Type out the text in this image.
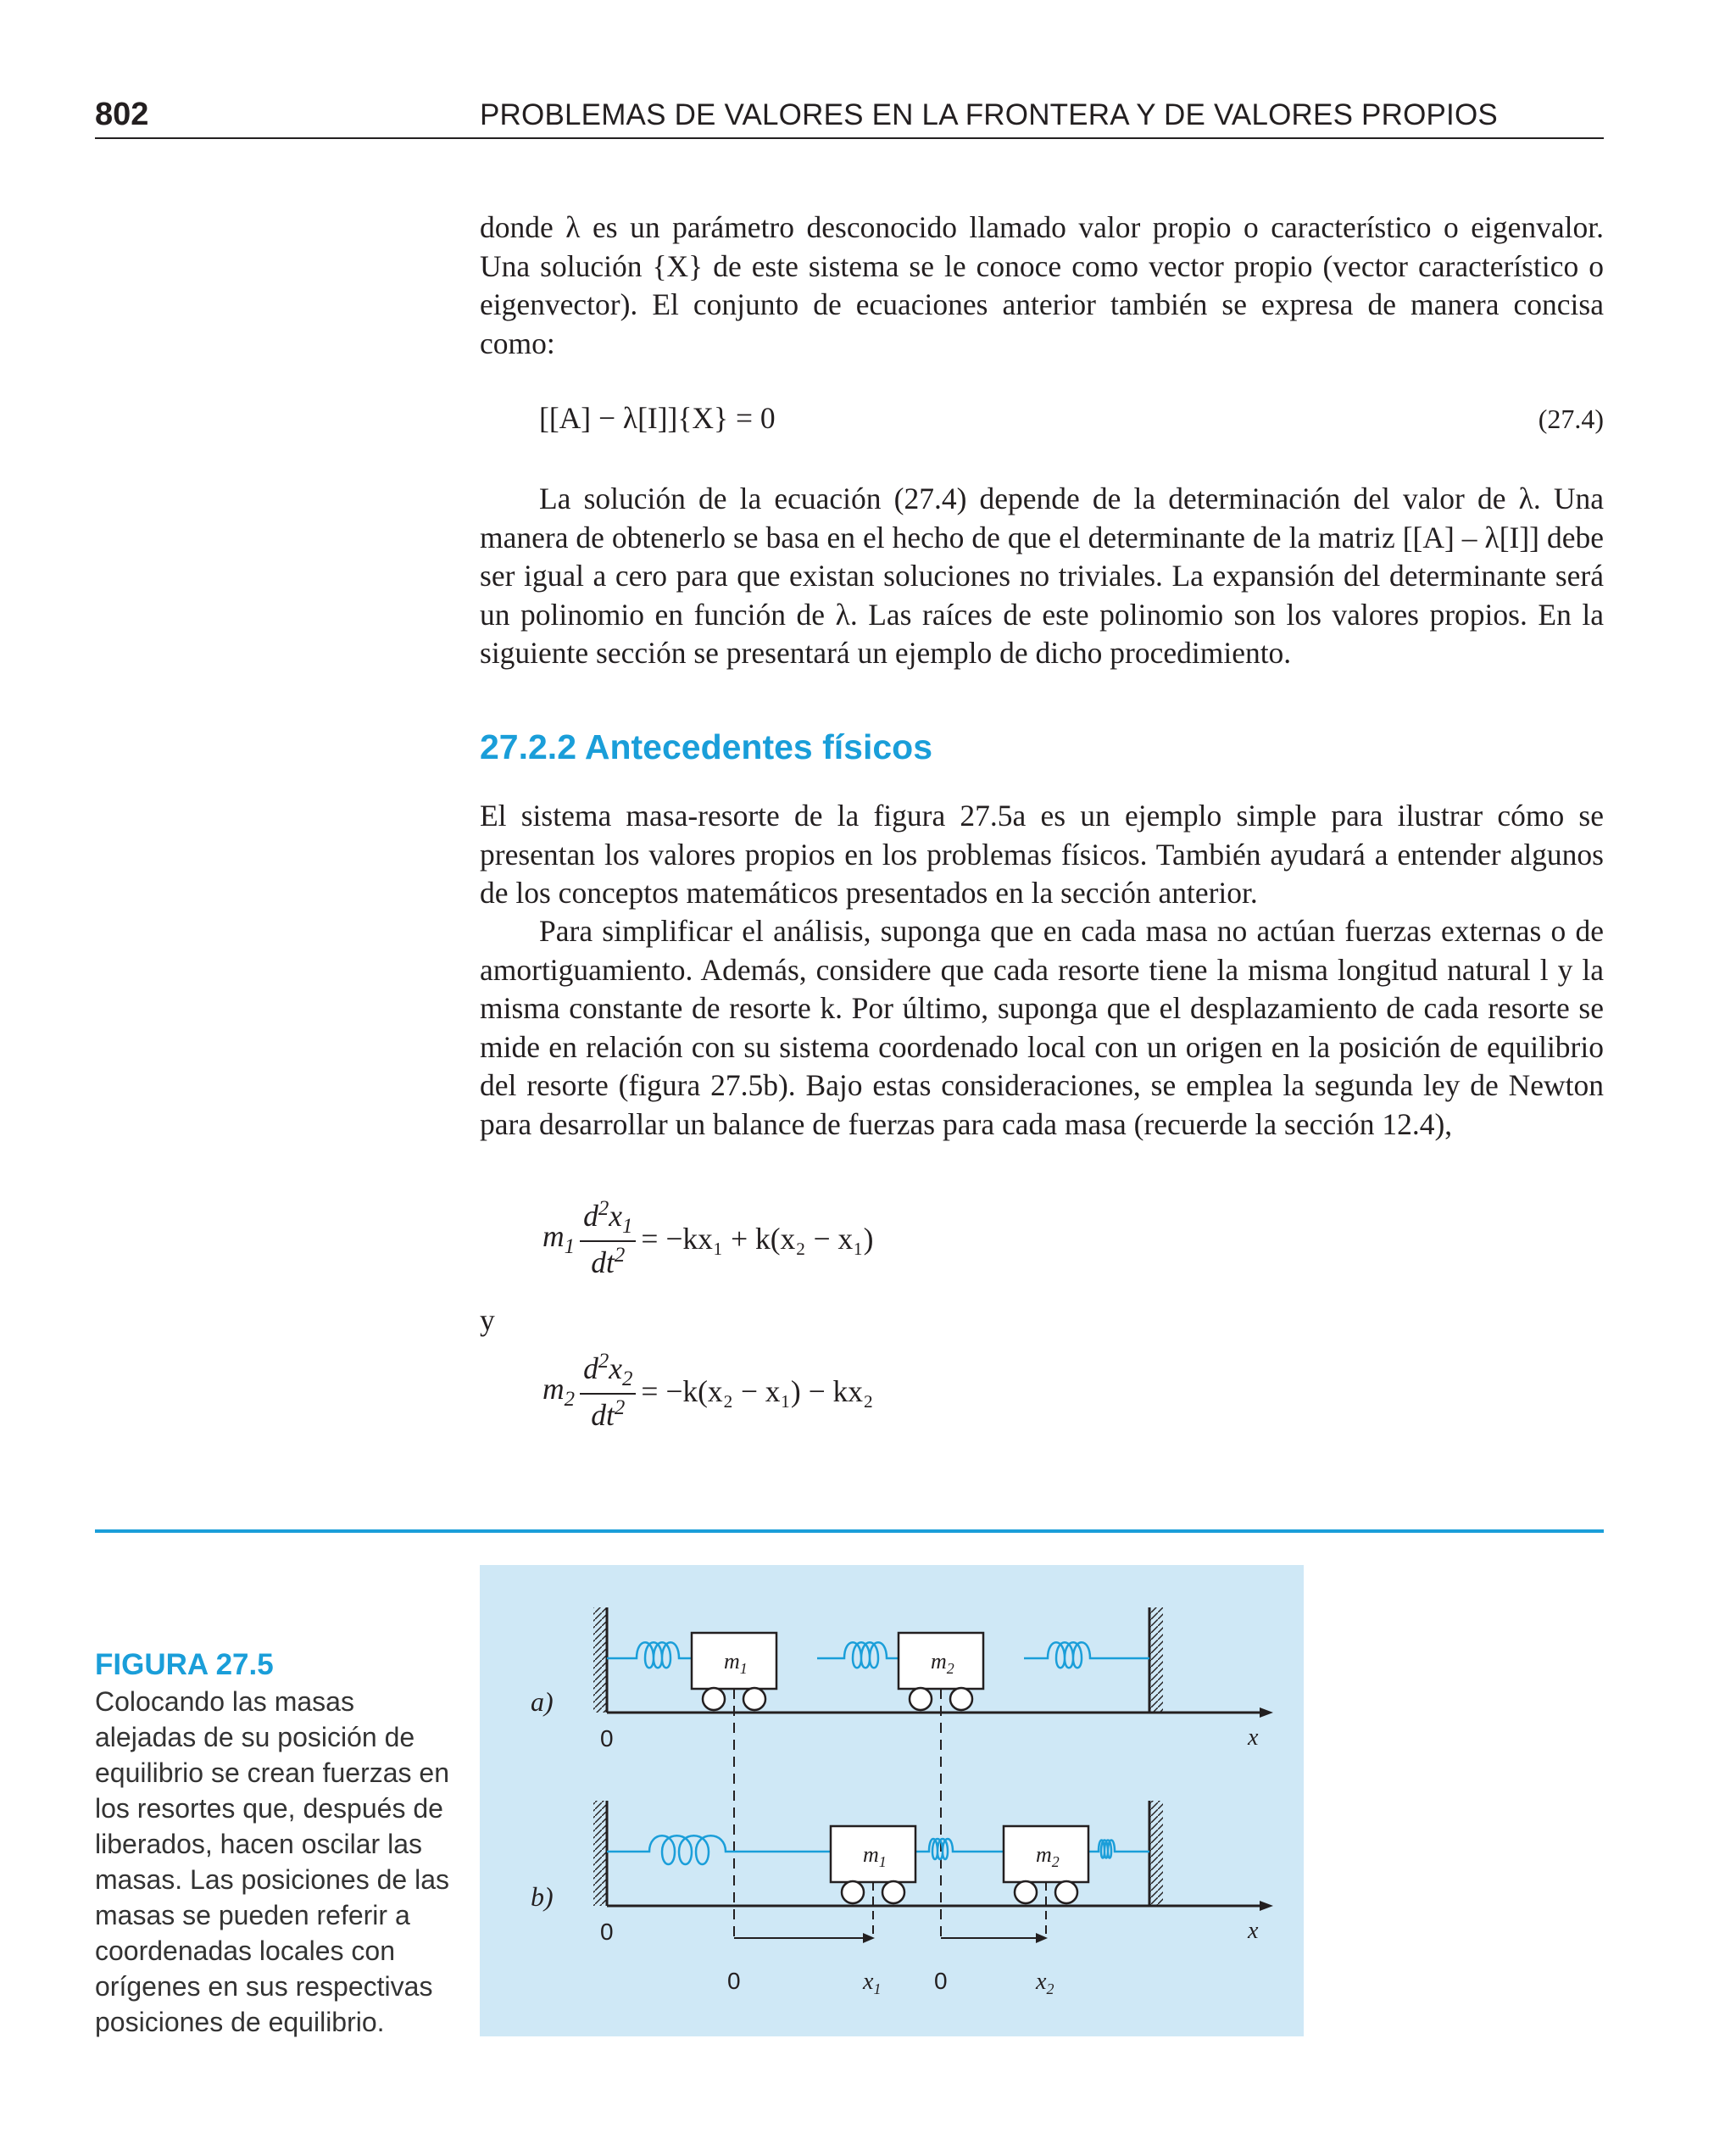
802	PROBLEMAS DE VALORES EN LA FRONTERA Y DE VALORES PROPIOS
donde λ es un parámetro desconocido llamado valor propio o característico o eigenvalor. Una solución {X} de este sistema se le conoce como vector propio (vector característico o eigenvector). El conjunto de ecuaciones anterior también se expresa de manera concisa como:
[[A] − λ[I]]{X} = 0	(27.4)
La solución de la ecuación (27.4) depende de la determinación del valor de λ. Una manera de obtenerlo se basa en el hecho de que el determinante de la matriz [[A] – λ[I]] debe ser igual a cero para que existan soluciones no triviales. La expansión del determinante será un polinomio en función de λ. Las raíces de este polinomio son los valores propios. En la siguiente sección se presentará un ejemplo de dicho procedimiento.
27.2.2 Antecedentes físicos
El sistema masa-resorte de la figura 27.5a es un ejemplo simple para ilustrar cómo se presentan los valores propios en los problemas físicos. También ayudará a entender algunos de los conceptos matemáticos presentados en la sección anterior.
Para simplificar el análisis, suponga que en cada masa no actúan fuerzas externas o de amortiguamiento. Además, considere que cada resorte tiene la misma longitud natural l y la misma constante de resorte k. Por último, suponga que el desplazamiento de cada resorte se mide en relación con su sistema coordenado local con un origen en la posición de equilibrio del resorte (figura 27.5b). Bajo estas consideraciones, se emplea la segunda ley de Newton para desarrollar un balance de fuerzas para cada masa (recuerde la sección 12.4),
$m_1 \frac{d^2x_1}{dt^2} = -kx_1 + k(x_2 - x_1)$
y
$m_2 \frac{d^2x_2}{dt^2} = -k(x_2 - x_1) - kx_2$
FIGURA 27.5
Colocando las masas alejadas de su posición de equilibrio se crean fuerzas en los resortes que, después de liberados, hacen oscilar las masas. Las posiciones de las masas se pueden referir a coordenadas locales con orígenes en sus respectivas posiciones de equilibrio.
a)
0	x
$m_1$	$m_2$
b)
0	x
$m_1$	$m_2$
0	$x_1$ 0	$x_2$
